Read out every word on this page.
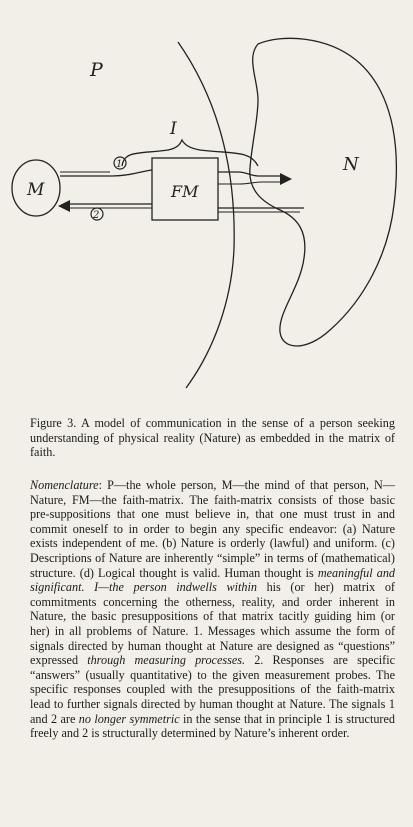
P
I
M	FM
N
1
2
Figure 3. A model of communication in the sense of a person seeking understanding of physical reality (Nature) as embedded in the matrix of faith.
Nomenclature: P—the whole person, M—the mind of that person, N—Nature, FM—the faith-matrix. The faith-matrix consists of those basic pre-suppositions that one must believe in, that one must trust in and commit oneself to in order to begin any specific endeavor: (a) Nature exists independent of me. (b) Nature is orderly (lawful) and uniform. (c) Descriptions of Nature are inherently “simple” in terms of (mathematical) structure. (d) Logical thought is valid. Human thought is meaningful and significant. I—the person indwells within his (or her) matrix of commitments concerning the otherness, reality, and order inherent in Nature, the basic presuppositions of that matrix tacitly guiding him (or her) in all problems of Nature. 1. Messages which assume the form of signals directed by human thought at Nature are designed as “questions” expressed through measuring processes. 2. Responses are specific “answers” (usually quantitative) to the given measurement probes. The specific responses coupled with the presuppositions of the faith-matrix lead to further signals directed by human thought at Nature. The signals 1 and 2 are no longer symmetric in the sense that in principle 1 is structured freely and 2 is structurally determined by Nature’s inherent order.
